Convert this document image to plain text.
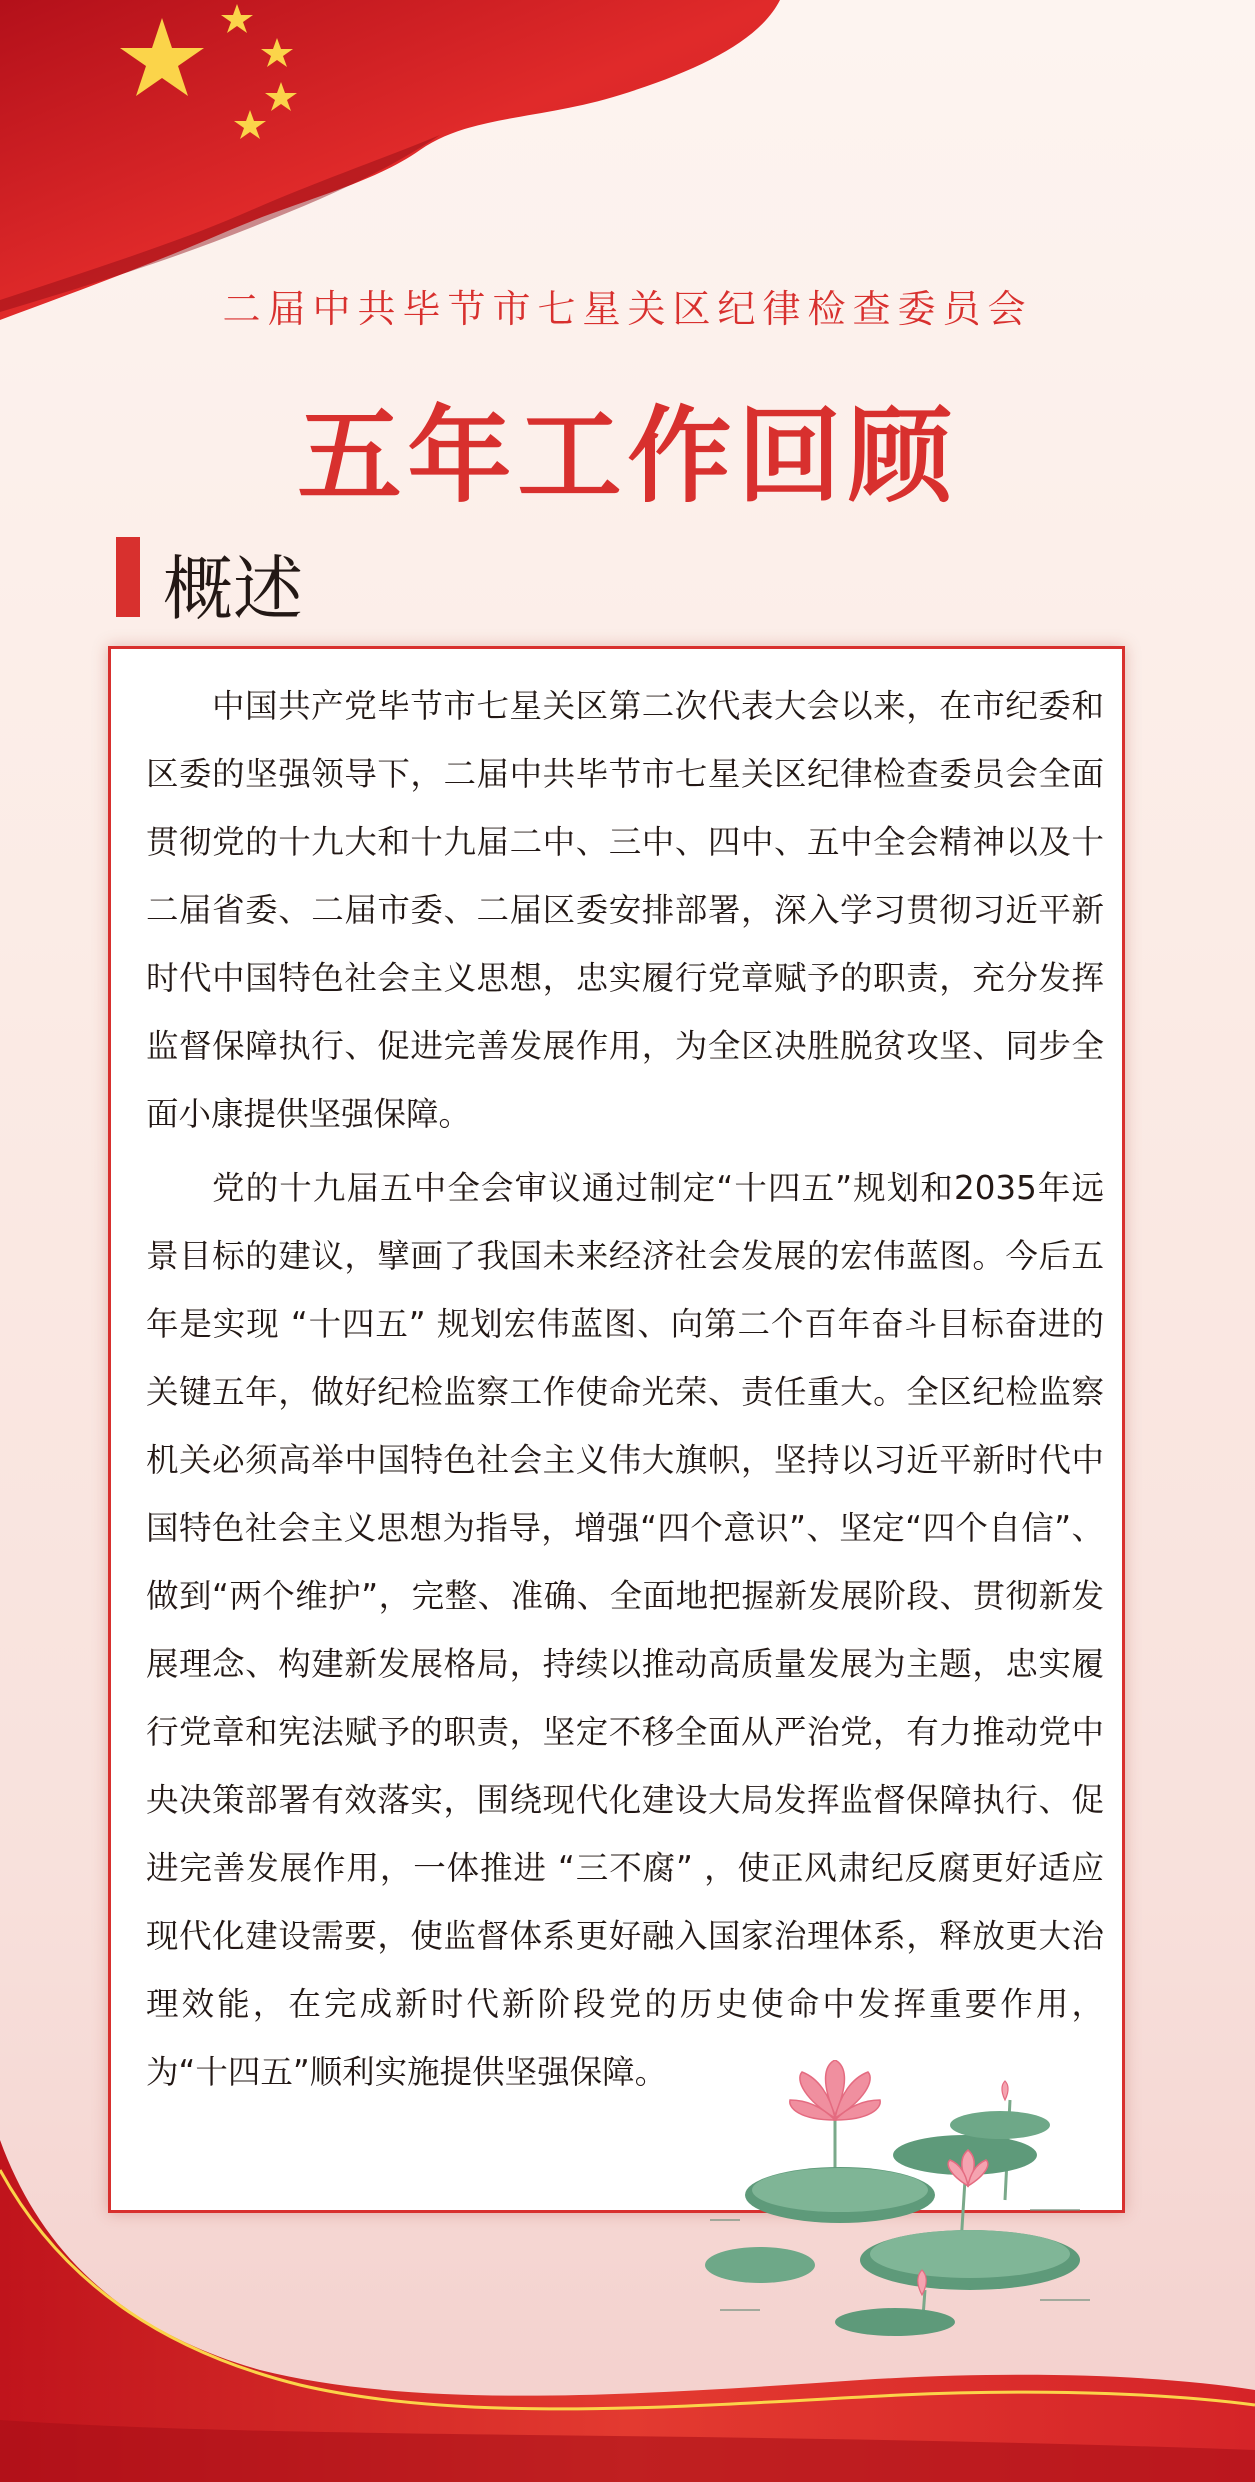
二届中共毕节市七星关区纪律检查委员会
五年工作回顾
概述

中国共产党毕节市七星关区第二次代表大会以来，在市纪委和区委的坚强领导下，二届中共毕节市七星关区纪律检查委员会全面贯彻党的十九大和十九届二中、三中、四中、五中全会精神以及十二届省委、二届市委、二届区委安排部署，深入学习贯彻习近平新时代中国特色社会主义思想，忠实履行党章赋予的职责，充分发挥监督保障执行、促进完善发展作用，为全区决胜脱贫攻坚、同步全面小康提供坚强保障。

党的十九届五中全会审议通过制定“十四五”规划和2035年远景目标的建议，擘画了我国未来经济社会发展的宏伟蓝图。今后五年是实现 “十四五” 规划宏伟蓝图、向第二个百年奋斗目标奋进的关键五年，做好纪检监察工作使命光荣、责任重大。全区纪检监察机关必须高举中国特色社会主义伟大旗帜，坚持以习近平新时代中国特色社会主义思想为指导，增强“四个意识”、坚定“四个自信”、做到“两个维护”，完整、准确、全面地把握新发展阶段、贯彻新发展理念、构建新发展格局，持续以推动高质量发展为主题，忠实履行党章和宪法赋予的职责，坚定不移全面从严治党，有力推动党中央决策部署有效落实，围绕现代化建设大局发挥监督保障执行、促进完善发展作用，一体推进 “三不腐” ，使正风肃纪反腐更好适应现代化建设需要，使监督体系更好融入国家治理体系，释放更大治理效能，在完成新时代新阶段党的历史使命中发挥重要作用，为“十四五”顺利实施提供坚强保障。
